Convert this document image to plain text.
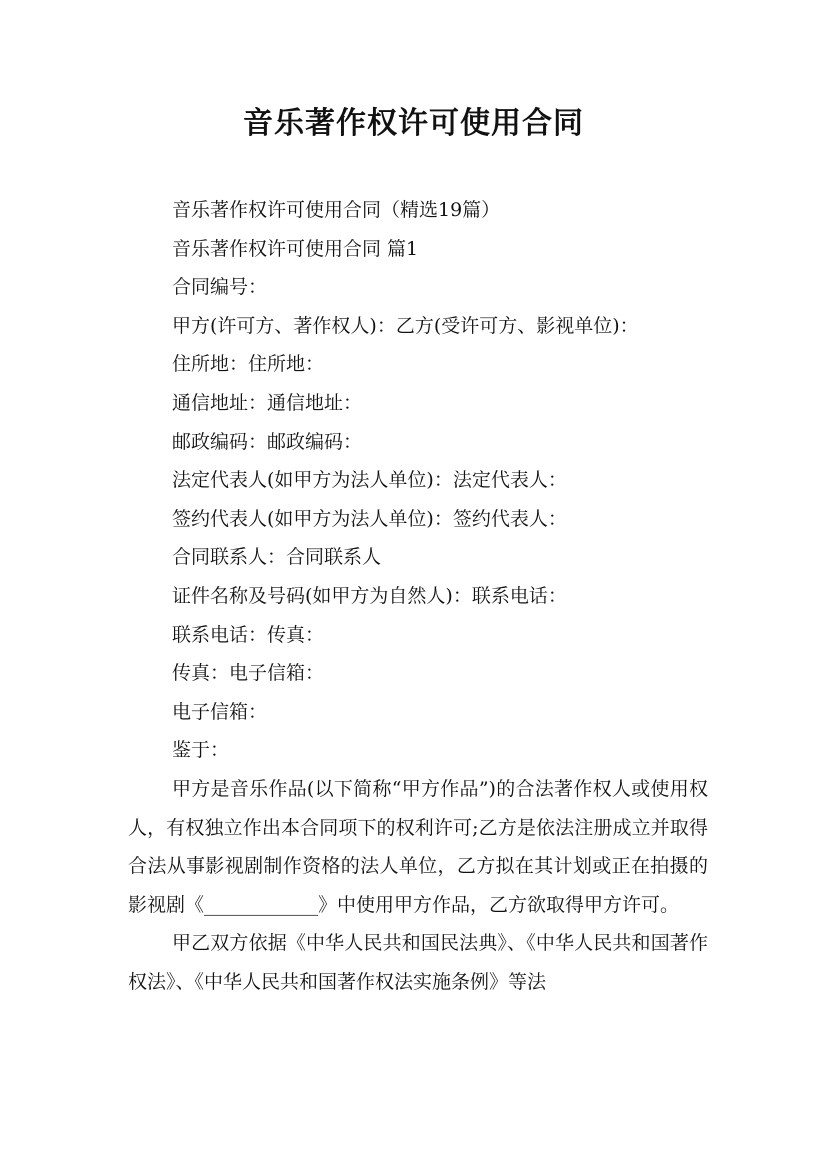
音乐著作权许可使用合同
音乐著作权许可使用合同（精选19篇）
音乐著作权许可使用合同 篇1
合同编号：
甲方(许可方、著作权人)：乙方(受许可方、影视单位)：
住所地：住所地：
通信地址：通信地址：
邮政编码：邮政编码：
法定代表人(如甲方为法人单位)：法定代表人：
签约代表人(如甲方为法人单位)：签约代表人：
合同联系人：合同联系人
证件名称及号码(如甲方为自然人)：联系电话：
联系电话：传真：
传真：电子信箱：
电子信箱：
鉴于：

甲方是音乐作品(以下简称“甲方作品”)的合法著作权人或使用权人，有权独立作出本合同项下的权利许可;乙方是依法注册成立并取得合法从事影视剧制作资格的法人单位，乙方拟在其计划或正在拍摄的影视剧《____________》中使用甲方作品，乙方欲取得甲方许可。

甲乙双方依据《中华人民共和国民法典》、《中华人民共和国著作权法》、《中华人民共和国著作权法实施条例》等法
